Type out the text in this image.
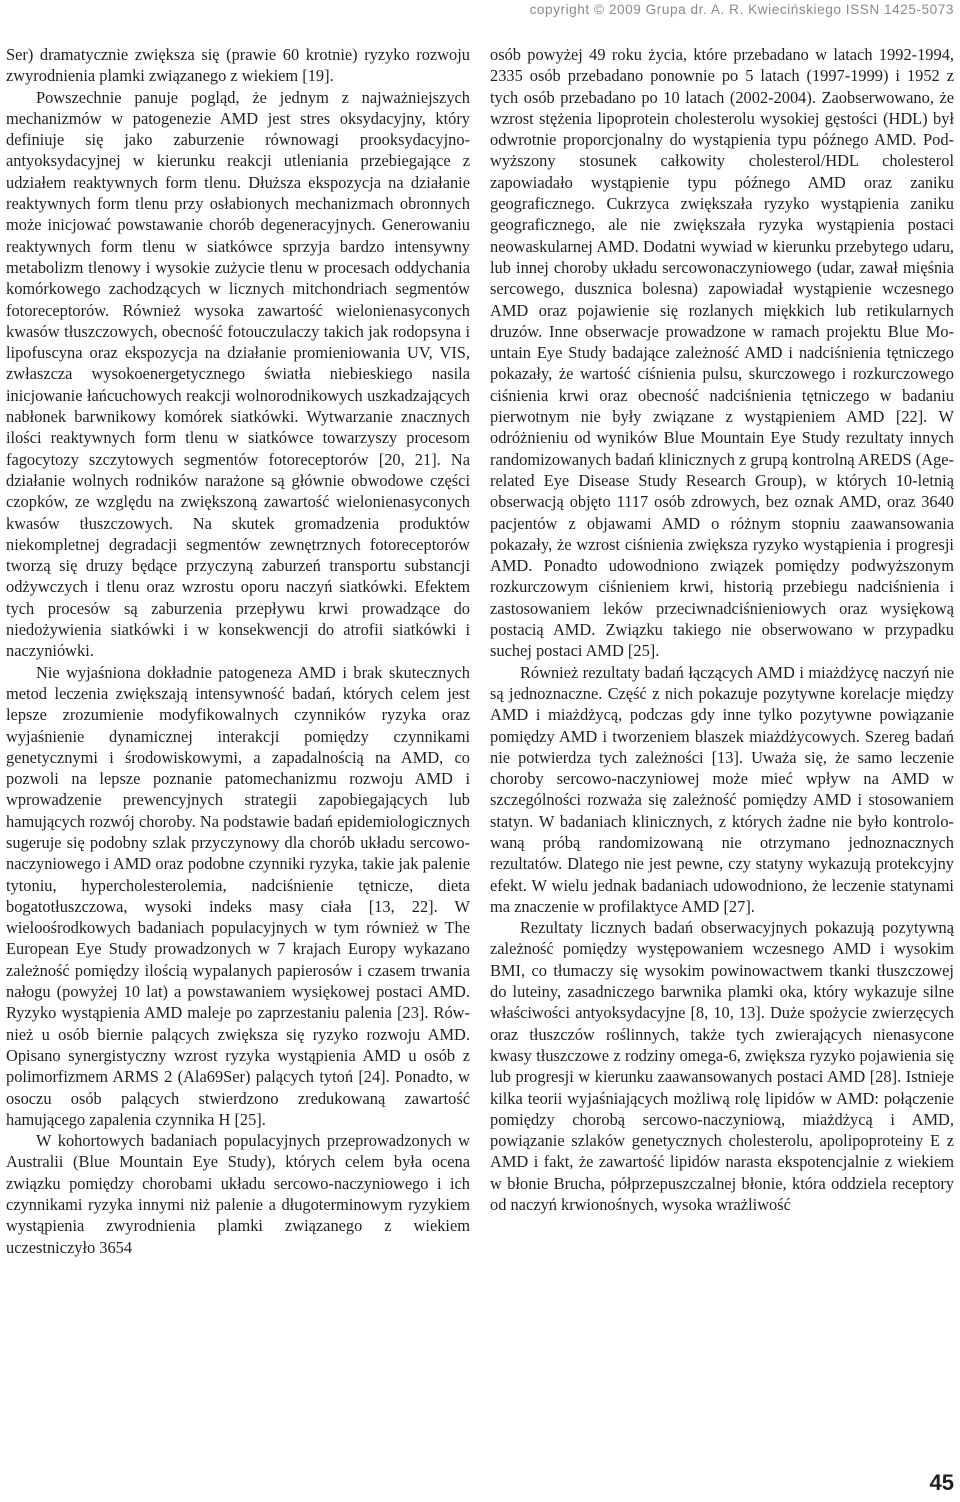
copyright © 2009 Grupa dr. A. R. Kwiecińskiego ISSN 1425-5073

Ser) dramatycznie zwiększa się (prawie 60 krotnie) ryzyko rozwoju zwyrodnienia plamki związanego z wiekiem [19].

Powszechnie panuje pogląd, że jednym z najważniejszych mechanizmów w patogenezie AMD jest stres oksydacyjny, który definiuje się jako zaburzenie równowagi prooksydacyjno-antyoksydacyjnej w kierunku reakcji utleniania przebiegające z udziałem reaktywnych form tlenu. Dłuższa ekspozycja na działanie reaktywnych form tlenu przy osłabionych mechanizmach obronnych może inicjować powstawanie chorób degeneracyjnych. Generowaniu reaktywnych form tlenu w siatkówce sprzyja bardzo intensywny metabolizm tlenowy i wysokie zużycie tlenu w procesach oddychania komórkowego zachodzących w licznych mitchondriach segmentów fotoreceptorów. Również wysoka zawartość wielonienasyconych kwasów tłuszczowych, obecność fotouczulaczy takich jak rodopsyna i lipofuscyna oraz ekspozycja na działanie promieniowania UV, VIS, zwłaszcza wysokoenergetycznego światła niebieskiego nasila inicjowanie łańcuchowych reakcji wolnorodnikowych uszkadzających nabłonek barwnikowy komórek siatkówki. Wytwarzanie znacznych ilości reaktywnych form tlenu w siatkówce towarzyszy procesom fagocytozy szczytowych segmentów fotoreceptorów [20, 21]. Na działanie wolnych rodników narażone są głównie obwodowe części czopków, ze względu na zwiększoną zawartość wielonienasyconych kwasów tłuszczowych. Na skutek gromadzenia produktów niekompletnej degradacji segmentów zewnętrznych fotoreceptorów tworzą się druzy będące przyczyną zaburzeń transportu substancji odżywczych i tlenu oraz wzrostu oporu naczyń siatkówki. Efektem tych procesów są zaburzenia przepływu krwi prowadzące do niedożywienia siatkówki i w konsekwencji do atrofii siatkówki i naczyniówki.

Nie wyjaśniona dokładnie patogeneza AMD i brak skutecznych metod leczenia zwiększają intensywność badań, których celem jest lepsze zrozumienie modyfikowalnych czynników ryzyka oraz wyjaśnienie dynamicznej interakcji pomiędzy czynnikami genetycznymi i środowiskowymi, a zapadalnością na AMD, co pozwoli na lepsze poznanie patomechanizmu rozwoju AMD i wprowadzenie prewencyjnych strategii zapobiegających lub hamujących rozwój choroby. Na podstawie badań epidemiologicznych sugeruje się podobny szlak przyczynowy dla chorób układu sercowonaczyniowego i AMD oraz podobne czynniki ryzyka, takie jak palenie tytoniu, hypercholesterolemia, nadciśnienie tętnicze, dieta bogatotłuszczowa, wysoki indeks masy ciała [13, 22]. W wieloośrodkowych badaniach populacyjnych w tym również w The European Eye Study prowadzonych w 7 krajach Europy wykazano zależność pomiędzy ilością wypalanych papierosów i czasem trwania nałogu (powyżej 10 lat) a powstawaniem wysiękowej postaci AMD. Ryzyko wystąpienia AMD maleje po zaprzestaniu palenia [23]. Również u osób biernie palących zwiększa się ryzyko rozwoju AMD. Opisano synergistyczny wzrost ryzyka wystąpienia AMD u osób z polimorfizmem ARMS 2 (Ala69Ser) palących tytoń [24]. Ponadto, w osoczu osób palących stwierdzono zredukowaną zawartość hamującego zapalenia czynnika H [25].

W kohortowych badaniach populacyjnych przeprowadzonych w Australii (Blue Mountain Eye Study), których celem była ocena związku pomiędzy chorobami układu sercowo-naczyniowego i ich czynnikami ryzyka innymi niż palenie a długoterminowym ryzykiem wystąpienia zwyrodnienia plamki związanego z wiekiem uczestniczyło 3654

osób powyżej 49 roku życia, które przebadano w latach 1992-1994, 2335 osób przebadano ponownie po 5 latach (1997-1999) i 1952 z tych osób przebadano po 10 latach (2002-2004). Zaobserwowano, że wzrost stężenia lipoprotein cholesterolu wysokiej gęstości (HDL) był odwrotnie proporcjonalny do wystąpienia typu późnego AMD. Podwyższony stosunek całkowity cholesterol/HDL cholesterol zapowiadało wystąpienie typu późnego AMD oraz zaniku geograficznego. Cukrzyca zwiększała ryzyko wystąpienia zaniku geograficznego, ale nie zwiększała ryzyka wystąpienia postaci neowaskularnej AMD. Dodatni wywiad w kierunku przebytego udaru, lub innej choroby układu sercowonaczyniowego (udar, zawał mięśnia sercowego, dusznica bolesna) zapowiadał wystąpienie wczesnego AMD oraz pojawienie się rozlanych miękkich lub retikularnych druzów. Inne obserwacje prowadzone w ramach projektu Blue Mountain Eye Study badające zależność AMD i nadciśnienia tętniczego pokazały, że wartość ciśnienia pulsu, skurczowego i rozkurczowego ciśnienia krwi oraz obecność nadciśnienia tętniczego w badaniu pierwotnym nie były związane z wystąpieniem AMD [22]. W odróżnieniu od wyników Blue Mountain Eye Study rezultaty innych randomizowanych badań klinicznych z grupą kontrolną AREDS (Age-related Eye Disease Study Research Group), w których 10-letnią obserwacją objęto 1117 osób zdrowych, bez oznak AMD, oraz 3640 pacjentów z objawami AMD o różnym stopniu zaawansowania pokazały, że wzrost ciśnienia zwiększa ryzyko wystąpienia i progresji AMD. Ponadto udowodniono związek pomiędzy podwyższonym rozkurczowym ciśnieniem krwi, historią przebiegu nadciśnienia i zastosowaniem leków przeciwnadciśnieniowych oraz wysiękową postacią AMD. Związku takiego nie obserwowano w przypadku suchej postaci AMD [25].

Również rezultaty badań łączących AMD i miażdżycę naczyń nie są jednoznaczne. Część z nich pokazuje pozytywne korelacje między AMD i miażdżycą, podczas gdy inne tylko pozytywne powiązanie pomiędzy AMD i tworzeniem blaszek miażdżycowych. Szereg badań nie potwierdza tych zależności [13]. Uważa się, że samo leczenie choroby sercowo-naczyniowej może mieć wpływ na AMD w szczególności rozważa się zależność pomiędzy AMD i stosowaniem statyn. W badaniach klinicznych, z których żadne nie było kontrolowaną próbą randomizowaną nie otrzymano jednoznacznych rezultatów. Dlatego nie jest pewne, czy statyny wykazują protekcyjny efekt. W wielu jednak badaniach udowodniono, że leczenie statynami ma znaczenie w profilaktyce AMD [27].

Rezultaty licznych badań obserwacyjnych pokazują pozytywną zależność pomiędzy występowaniem wczesnego AMD i wysokim BMI, co tłumaczy się wysokim powinowactwem tkanki tłuszczowej do luteiny, zasadniczego barwnika plamki oka, który wykazuje silne właściwości antyoksydacyjne [8, 10, 13]. Duże spożycie zwierzęcych oraz tłuszczów roślinnych, także tych zwierających nienasycone kwasy tłuszczowe z rodziny omega-6, zwiększa ryzyko pojawienia się lub progresji w kierunku zaawansowanych postaci AMD [28]. Istnieje kilka teorii wyjaśniających możliwą rolę lipidów w AMD: połączenie pomiędzy chorobą sercowo-naczyniową, miażdżycą i AMD, powiązanie szlaków genetycznych cholesterolu, apolipoproteiny E z AMD i fakt, że zawartość lipidów narasta ekspotencjalnie z wiekiem w błonie Brucha, półprzepuszczalnej błonie, która oddziela receptory od naczyń krwionośnych, wysoka wrażliwość

45
